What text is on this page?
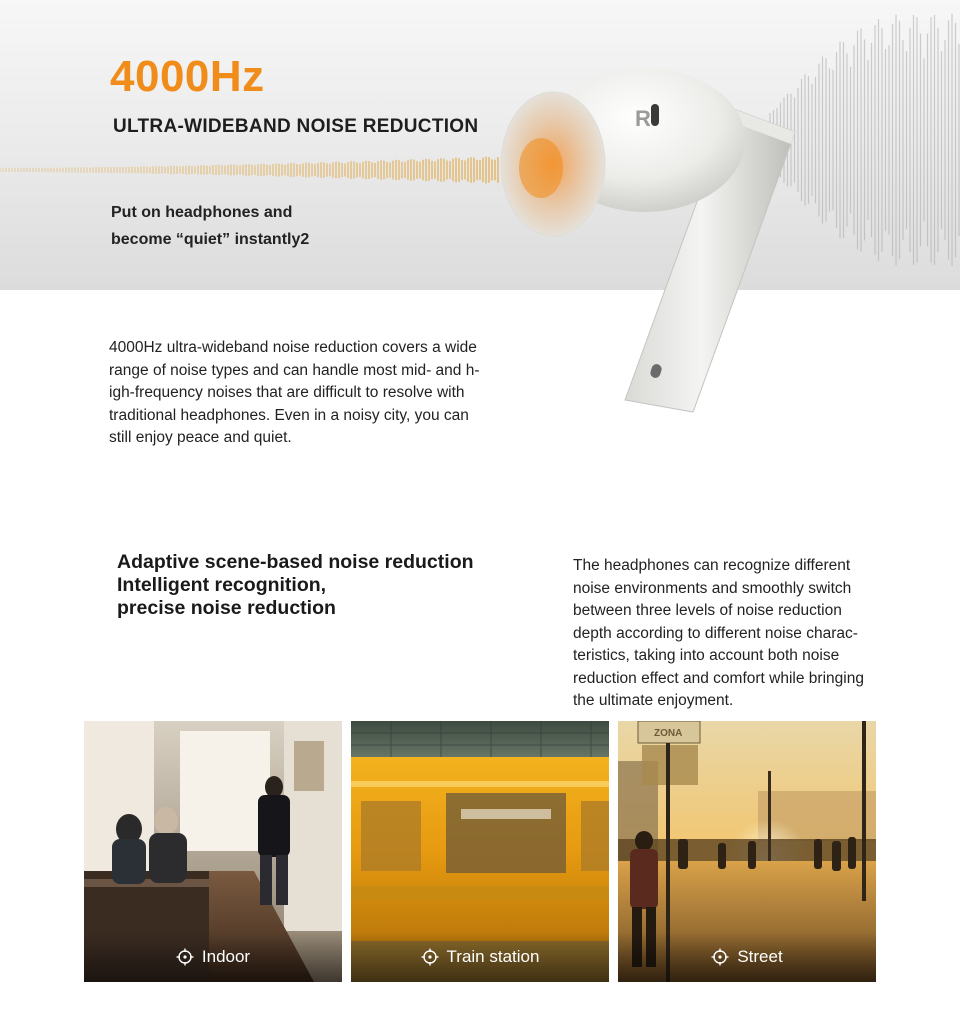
4000Hz
ULTRA-WIDEBAND NOISE REDUCTION

Put on headphones and
become “quiet” instantly2

R

4000Hz ultra-wideband noise reduction covers a wide
range of noise types and can handle most mid- and h-
igh-frequency noises that are difficult to resolve with
traditional headphones. Even in a noisy city, you can
still enjoy peace and quiet.

Adaptive scene-based noise reduction
Intelligent recognition,
precise noise reduction

The headphones can recognize different
noise environments and smoothly switch
between three levels of noise reduction
depth according to different noise charac-
teristics, taking into account both noise
reduction effect and comfort while bringing
the ultimate enjoyment.

Indoor	Train station
ZONA
Street
